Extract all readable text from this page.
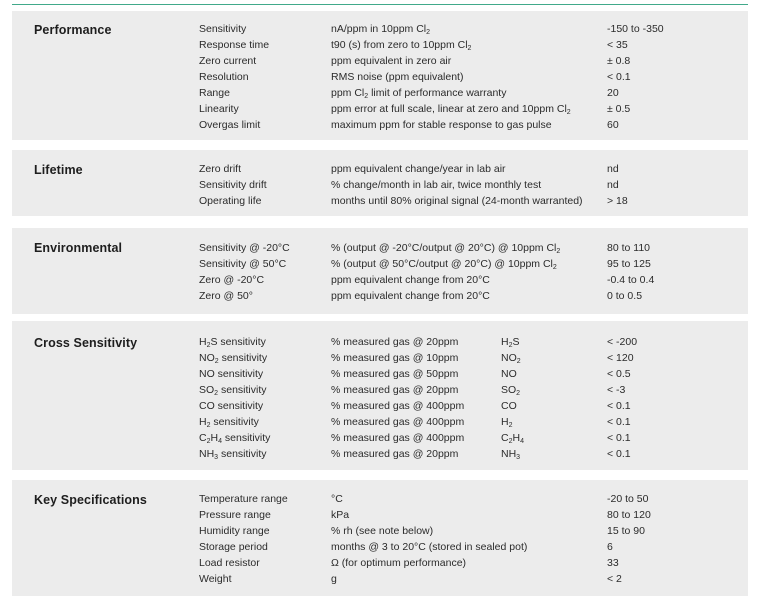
Performance	Sensitivity	nA/ppm in 10ppm $Cl_2$	-150 to -350
Response time	t90 (s) from zero to 10ppm $Cl_2$	< 35
Zero current	ppm equivalent in zero air	± 0.8
Resolution	RMS noise (ppm equivalent)	< 0.1
Range	ppm $Cl_2$ limit of performance warranty	20
Linearity	ppm error at full scale, linear at zero and 10ppm $Cl_2$	± 0.5
Overgas limit	maximum ppm for stable response to gas pulse	60
Lifetime	Zero drift	ppm equivalent change/year in lab air	nd
Sensitivity drift	% change/month in lab air, twice monthly test	nd
Operating life	months until 80% original signal (24-month warranted) > 18
Environmental	Sensitivity @ -20°C	% (output @ -20°C/output @ 20°C) @ 10ppm $Cl_2$	80 to 110
Sensitivity @ 50°C	% (output @ 50°C/output @ 20°C) @ 10ppm $Cl_2$	95 to 125
Zero @ -20°C	ppm equivalent change from 20°C	-0.4 to 0.4
Zero @ 50°	ppm equivalent change from 20°C	0 to 0.5
Cross Sensitivity	$H_2S$ sensitivity	% measured gas @ 20ppm	$H_2S$	< -200
$NO_2$ sensitivity	% measured gas @ 10ppm	$NO_2$	< 120
NO sensitivity	% measured gas @ 50ppm	NO	< 0.5
$SO_2$ sensitivity	% measured gas @ 20ppm	$SO_2$	< -3
CO sensitivity	% measured gas @ 400ppm	CO	< 0.1
$H_2$ sensitivity	% measured gas @ 400ppm	$H_2$	< 0.1
$C_2H_4$ sensitivity	% measured gas @ 400ppm	$C_2H_4$	< 0.1
$NH_3$ sensitivity	% measured gas @ 20ppm	$NH_3$	< 0.1
Key Specifications	Temperature range	°C	-20 to 50
Pressure range	kPa	80 to 120
Humidity range	% rh (see note below)	15 to 90
Storage period	months @ 3 to 20°C (stored in sealed pot)	6
Load resistor	Ω (for optimum performance)	33
Weight	g	< 2
